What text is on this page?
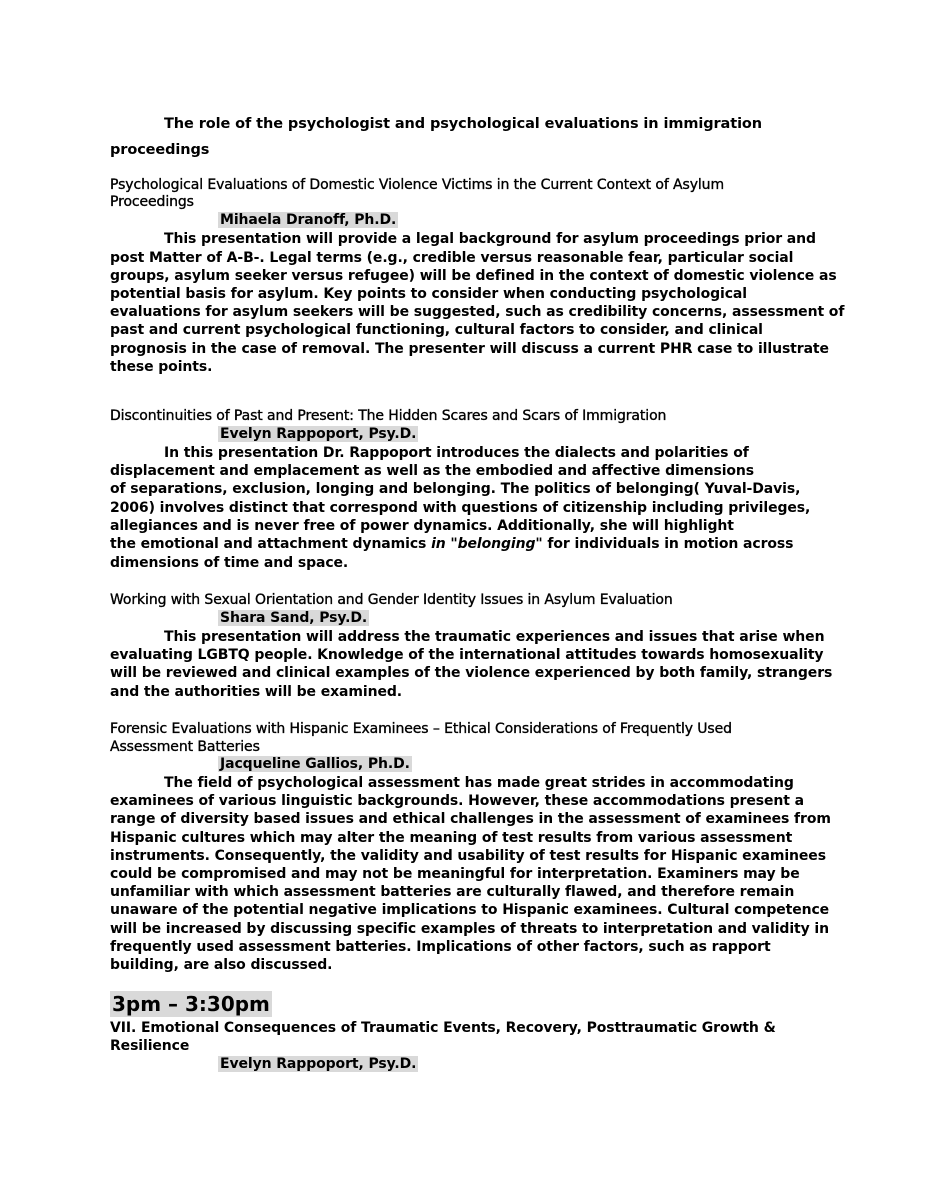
The role of the psychologist and psychological evaluations in immigration
proceedings
Psychological Evaluations of Domestic Violence Victims in the Current Context of Asylum
Proceedings
Mihaela Dranoff, Ph.D.
This presentation will provide a legal background for asylum proceedings prior and
post Matter of A-B-. Legal terms (e.g., credible versus reasonable fear, particular social
groups, asylum seeker versus refugee) will be defined in the context of domestic violence as
potential basis for asylum. Key points to consider when conducting psychological
evaluations for asylum seekers will be suggested, such as credibility concerns, assessment of
past and current psychological functioning, cultural factors to consider, and clinical
prognosis in the case of removal. The presenter will discuss a current PHR case to illustrate
these points.
Discontinuities of Past and Present: The Hidden Scares and Scars of Immigration
Evelyn Rappoport, Psy.D.
In this presentation Dr. Rappoport introduces the dialects and polarities of
displacement and emplacement as well as the embodied and affective dimensions
of separations, exclusion, longing and belonging. The politics of belonging( Yuval-Davis,
2006) involves distinct that correspond with questions of citizenship including privileges,
allegiances and is never free of power dynamics. Additionally, she will highlight
the emotional and attachment dynamics in "belonging" for individuals in motion across
dimensions of time and space.
Working with Sexual Orientation and Gender Identity Issues in Asylum Evaluation
Shara Sand, Psy.D.
This presentation will address the traumatic experiences and issues that arise when
evaluating LGBTQ people. Knowledge of the international attitudes towards homosexuality
will be reviewed and clinical examples of the violence experienced by both family, strangers
and the authorities will be examined.
Forensic Evaluations with Hispanic Examinees – Ethical Considerations of Frequently Used
Assessment Batteries
Jacqueline Gallios, Ph.D.
The field of psychological assessment has made great strides in accommodating
examinees of various linguistic backgrounds. However, these accommodations present a
range of diversity based issues and ethical challenges in the assessment of examinees from
Hispanic cultures which may alter the meaning of test results from various assessment
instruments. Consequently, the validity and usability of test results for Hispanic examinees
could be compromised and may not be meaningful for interpretation. Examiners may be
unfamiliar with which assessment batteries are culturally flawed, and therefore remain
unaware of the potential negative implications to Hispanic examinees. Cultural competence
will be increased by discussing specific examples of threats to interpretation and validity in
frequently used assessment batteries. Implications of other factors, such as rapport
building, are also discussed.
3pm – 3:30pm
VII. Emotional Consequences of Traumatic Events, Recovery, Posttraumatic Growth &
Resilience
Evelyn Rappoport, Psy.D.
